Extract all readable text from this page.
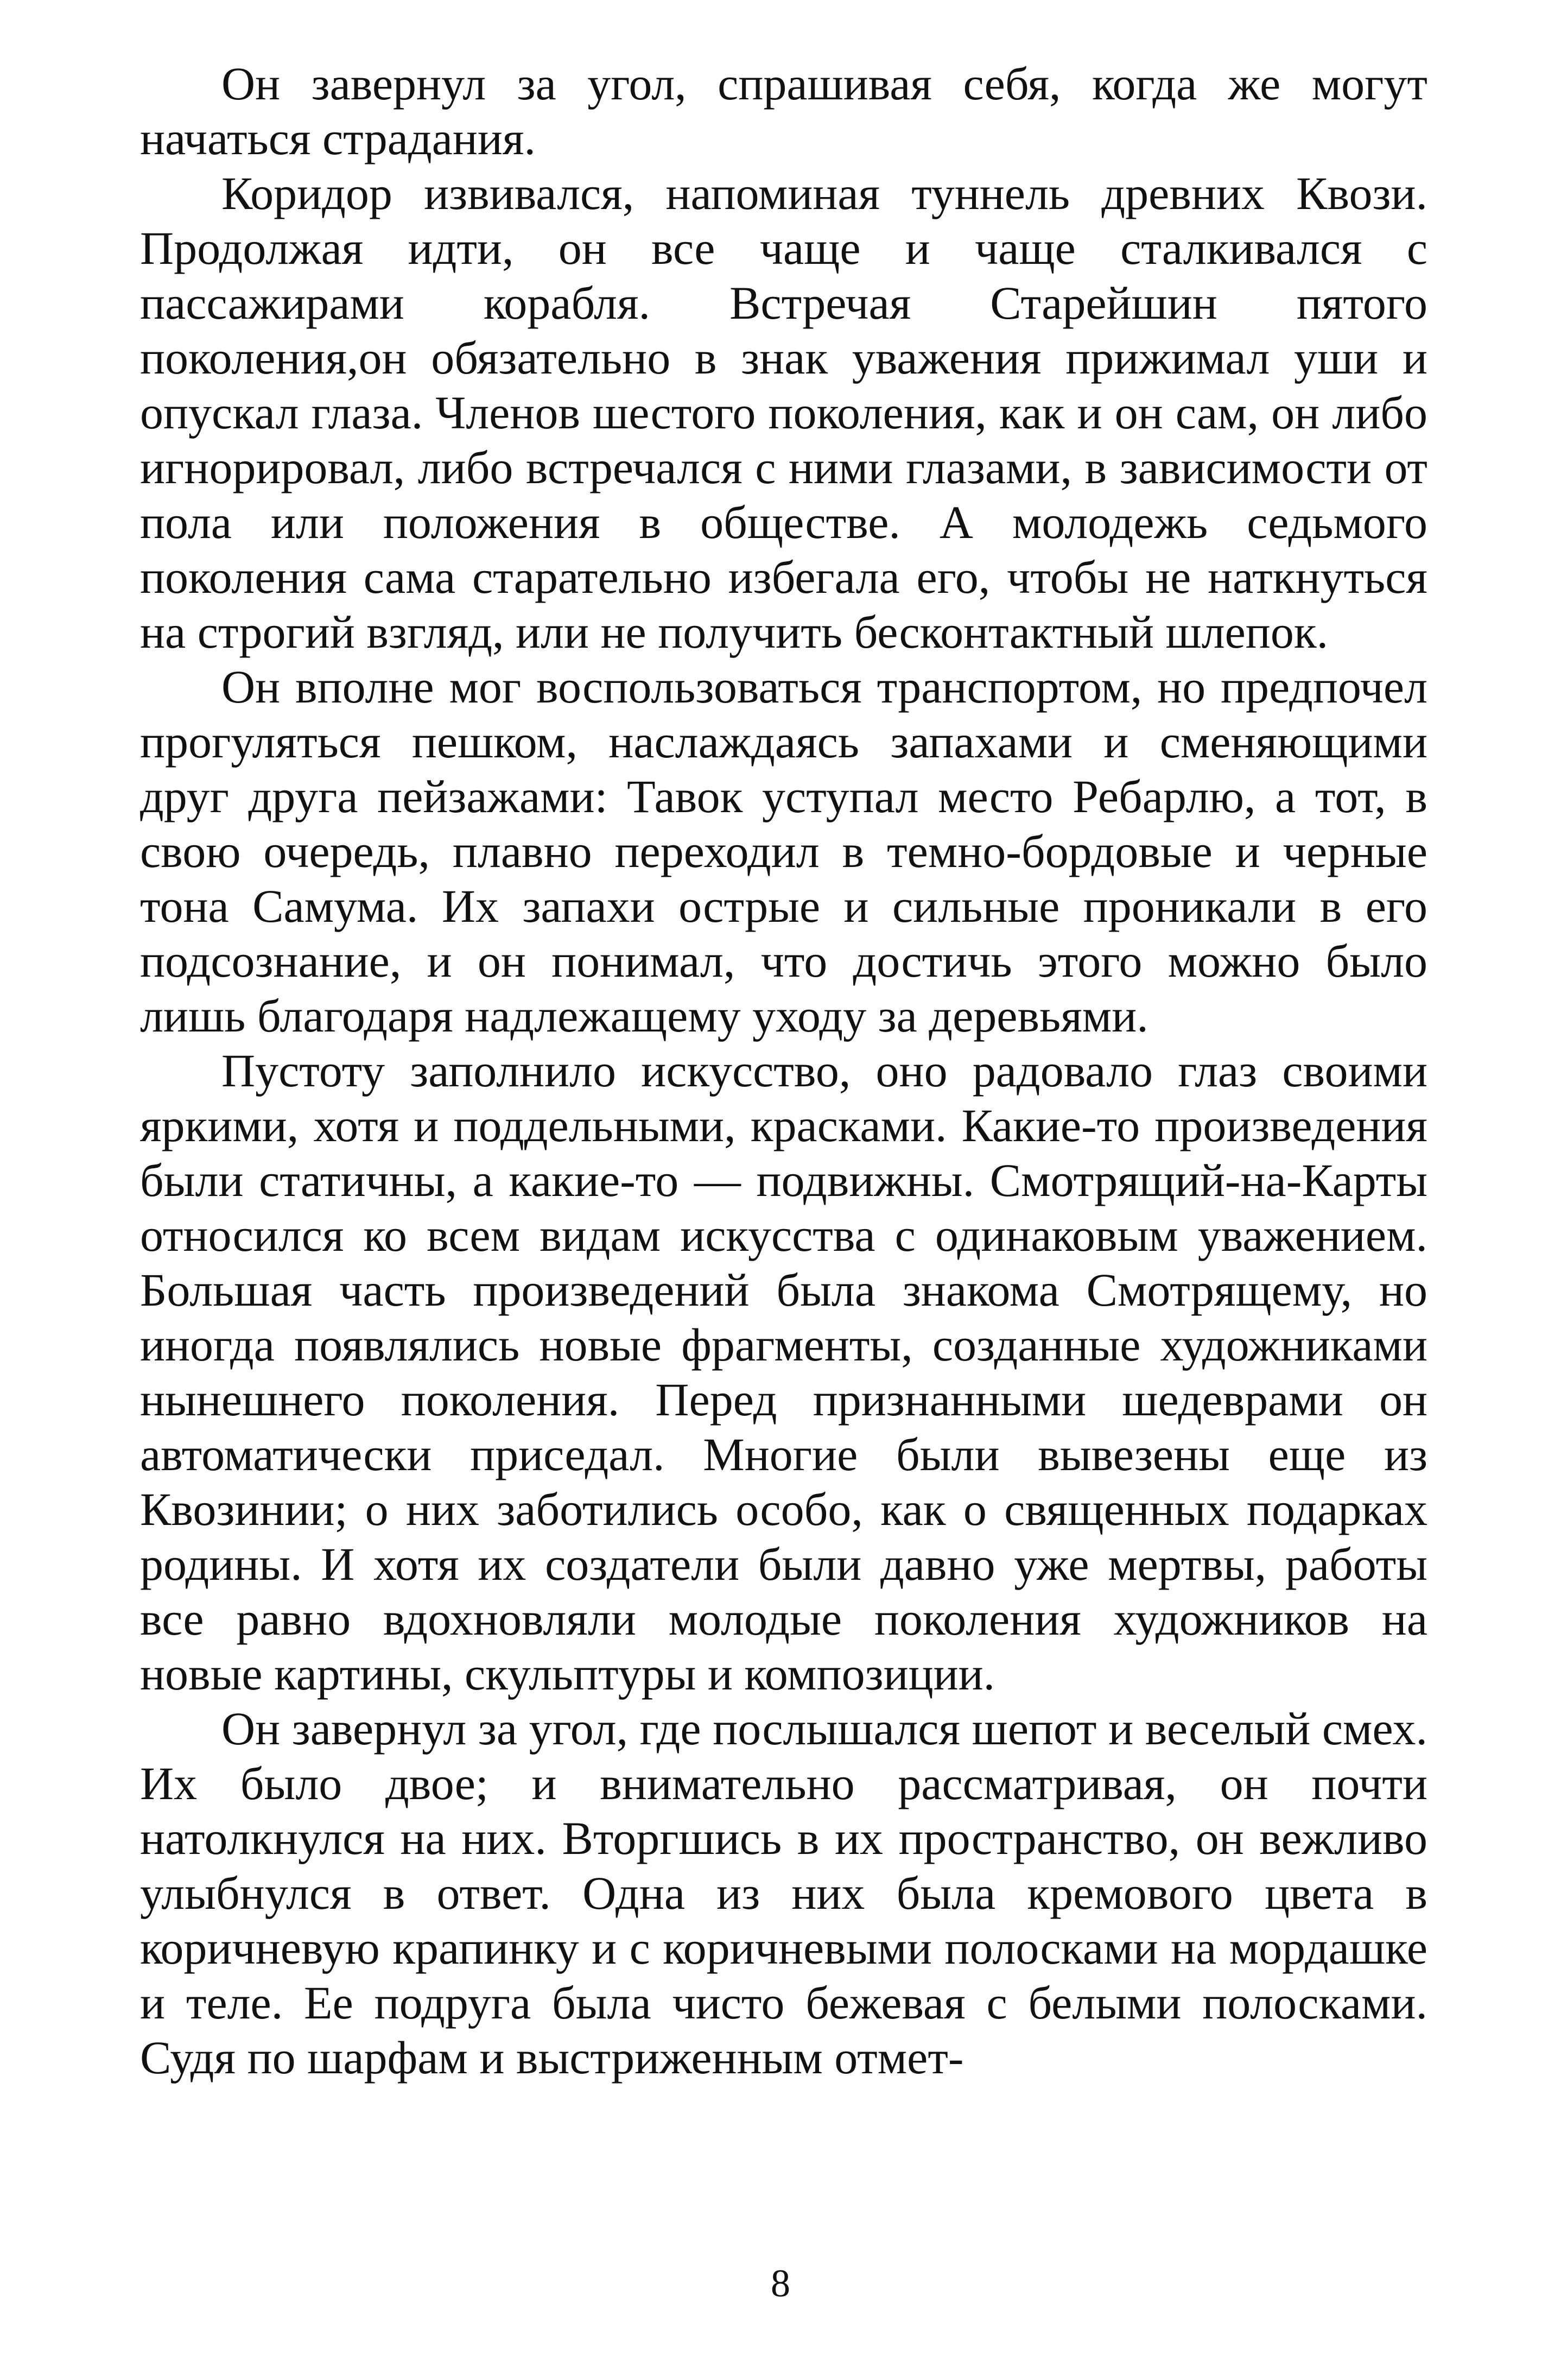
Он завернул за угол, спрашивая себя, когда же могут начаться страдания.

Коридор извивался, напоминая туннель древних Квози. Продолжая идти, он все чаще и чаще сталкивался с пассажирами корабля. Встречая Старейшин пятого поколения,он обязательно в знак уважения прижимал уши и опускал глаза. Членов шестого поколения, как и он сам, он либо игнорировал, либо встречался с ними глазами, в зависимости от пола или положения в обществе. А молодежь седьмого поколения сама старательно избегала его, чтобы не наткнуться на строгий взгляд, или не получить бесконтактный шлепок.

Он вполне мог воспользоваться транспортом, но предпочел прогуляться пешком, наслаждаясь запахами и сменяющими друг друга пейзажами: Тавок уступал место Ребарлю, а тот, в свою очередь, плавно переходил в темно-бордовые и черные тона Самума. Их запахи острые и сильные проникали в его подсознание, и он понимал, что достичь этого можно было лишь благодаря надлежащему уходу за деревьями.

Пустоту заполнило искусство, оно радовало глаз своими яркими, хотя и поддельными, красками. Какие-то произведения были статичны, а какие-то — подвижны. Смотрящий-на-Карты относился ко всем видам искусства с одинаковым уважением. Большая часть произведений была знакома Смотрящему, но иногда появлялись новые фрагменты, созданные художниками нынешнего поколения. Перед признанными шедеврами он автоматически приседал. Многие были вывезены еще из Квозинии; о них заботились особо, как о священных подарках родины. И хотя их создатели были давно уже мертвы, работы все равно вдохновляли молодые поколения художников на новые картины, скульптуры и композиции.

Он завернул за угол, где послышался шепот и веселый смех. Их было двое; и внимательно рассматривая, он почти натолкнулся на них. Вторгшись в их пространство, он вежливо улыбнулся в ответ. Одна из них была кремового цвета в коричневую крапинку и с коричневыми полосками на мордашке и теле. Ее подруга была чисто бежевая с белыми полосками. Судя по шарфам и выстриженным отмет-

8
